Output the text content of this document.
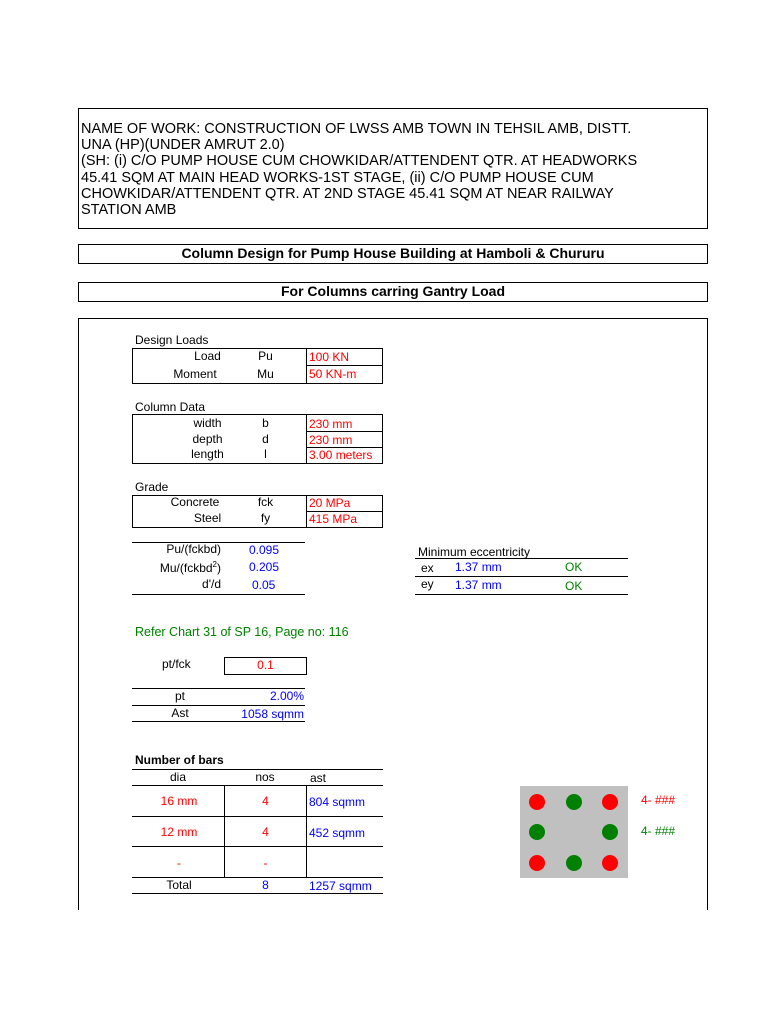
NAME OF WORK: CONSTRUCTION OF LWSS AMB TOWN IN TEHSIL AMB, DISTT.
UNA (HP)(UNDER AMRUT 2.0)
(SH: (i) C/O PUMP HOUSE CUM CHOWKIDAR/ATTENDENT QTR. AT HEADWORKS
45.41 SQM AT MAIN HEAD WORKS-1ST STAGE, (ii) C/O PUMP HOUSE CUM
CHOWKIDAR/ATTENDENT QTR. AT 2ND STAGE 45.41 SQM AT NEAR RAILWAY
STATION AMB
Column Design for Pump House Building at Hamboli & Chururu
For Columns carring Gantry Load
Design Loads
Load	Pu	100 KN
Moment	Mu	50 KN-m
Column Data
width	b	230 mm
depth	d	230 mm
length	l	3.00 meters
Grade
Concrete	fck	20 MPa
Steel	fy	415 MPa
Pu/(fckbd) 0.095
Mu/(fckbd$^2$) 0.205
d'/d	0.05
Minimum eccentricity
ex 1.37 mm	OK
ey 1.37 mm	OK
Refer Chart 31 of SP 16, Page no: 116
pt/fck	0.1
pt	2.00%
Ast	1058 sqmm
Number of bars
dia	nos	ast
16 mm	4	804 sqmm
12 mm	4	452 sqmm
-	-
Total	8	1257 sqmm
4- ###
4- ###
